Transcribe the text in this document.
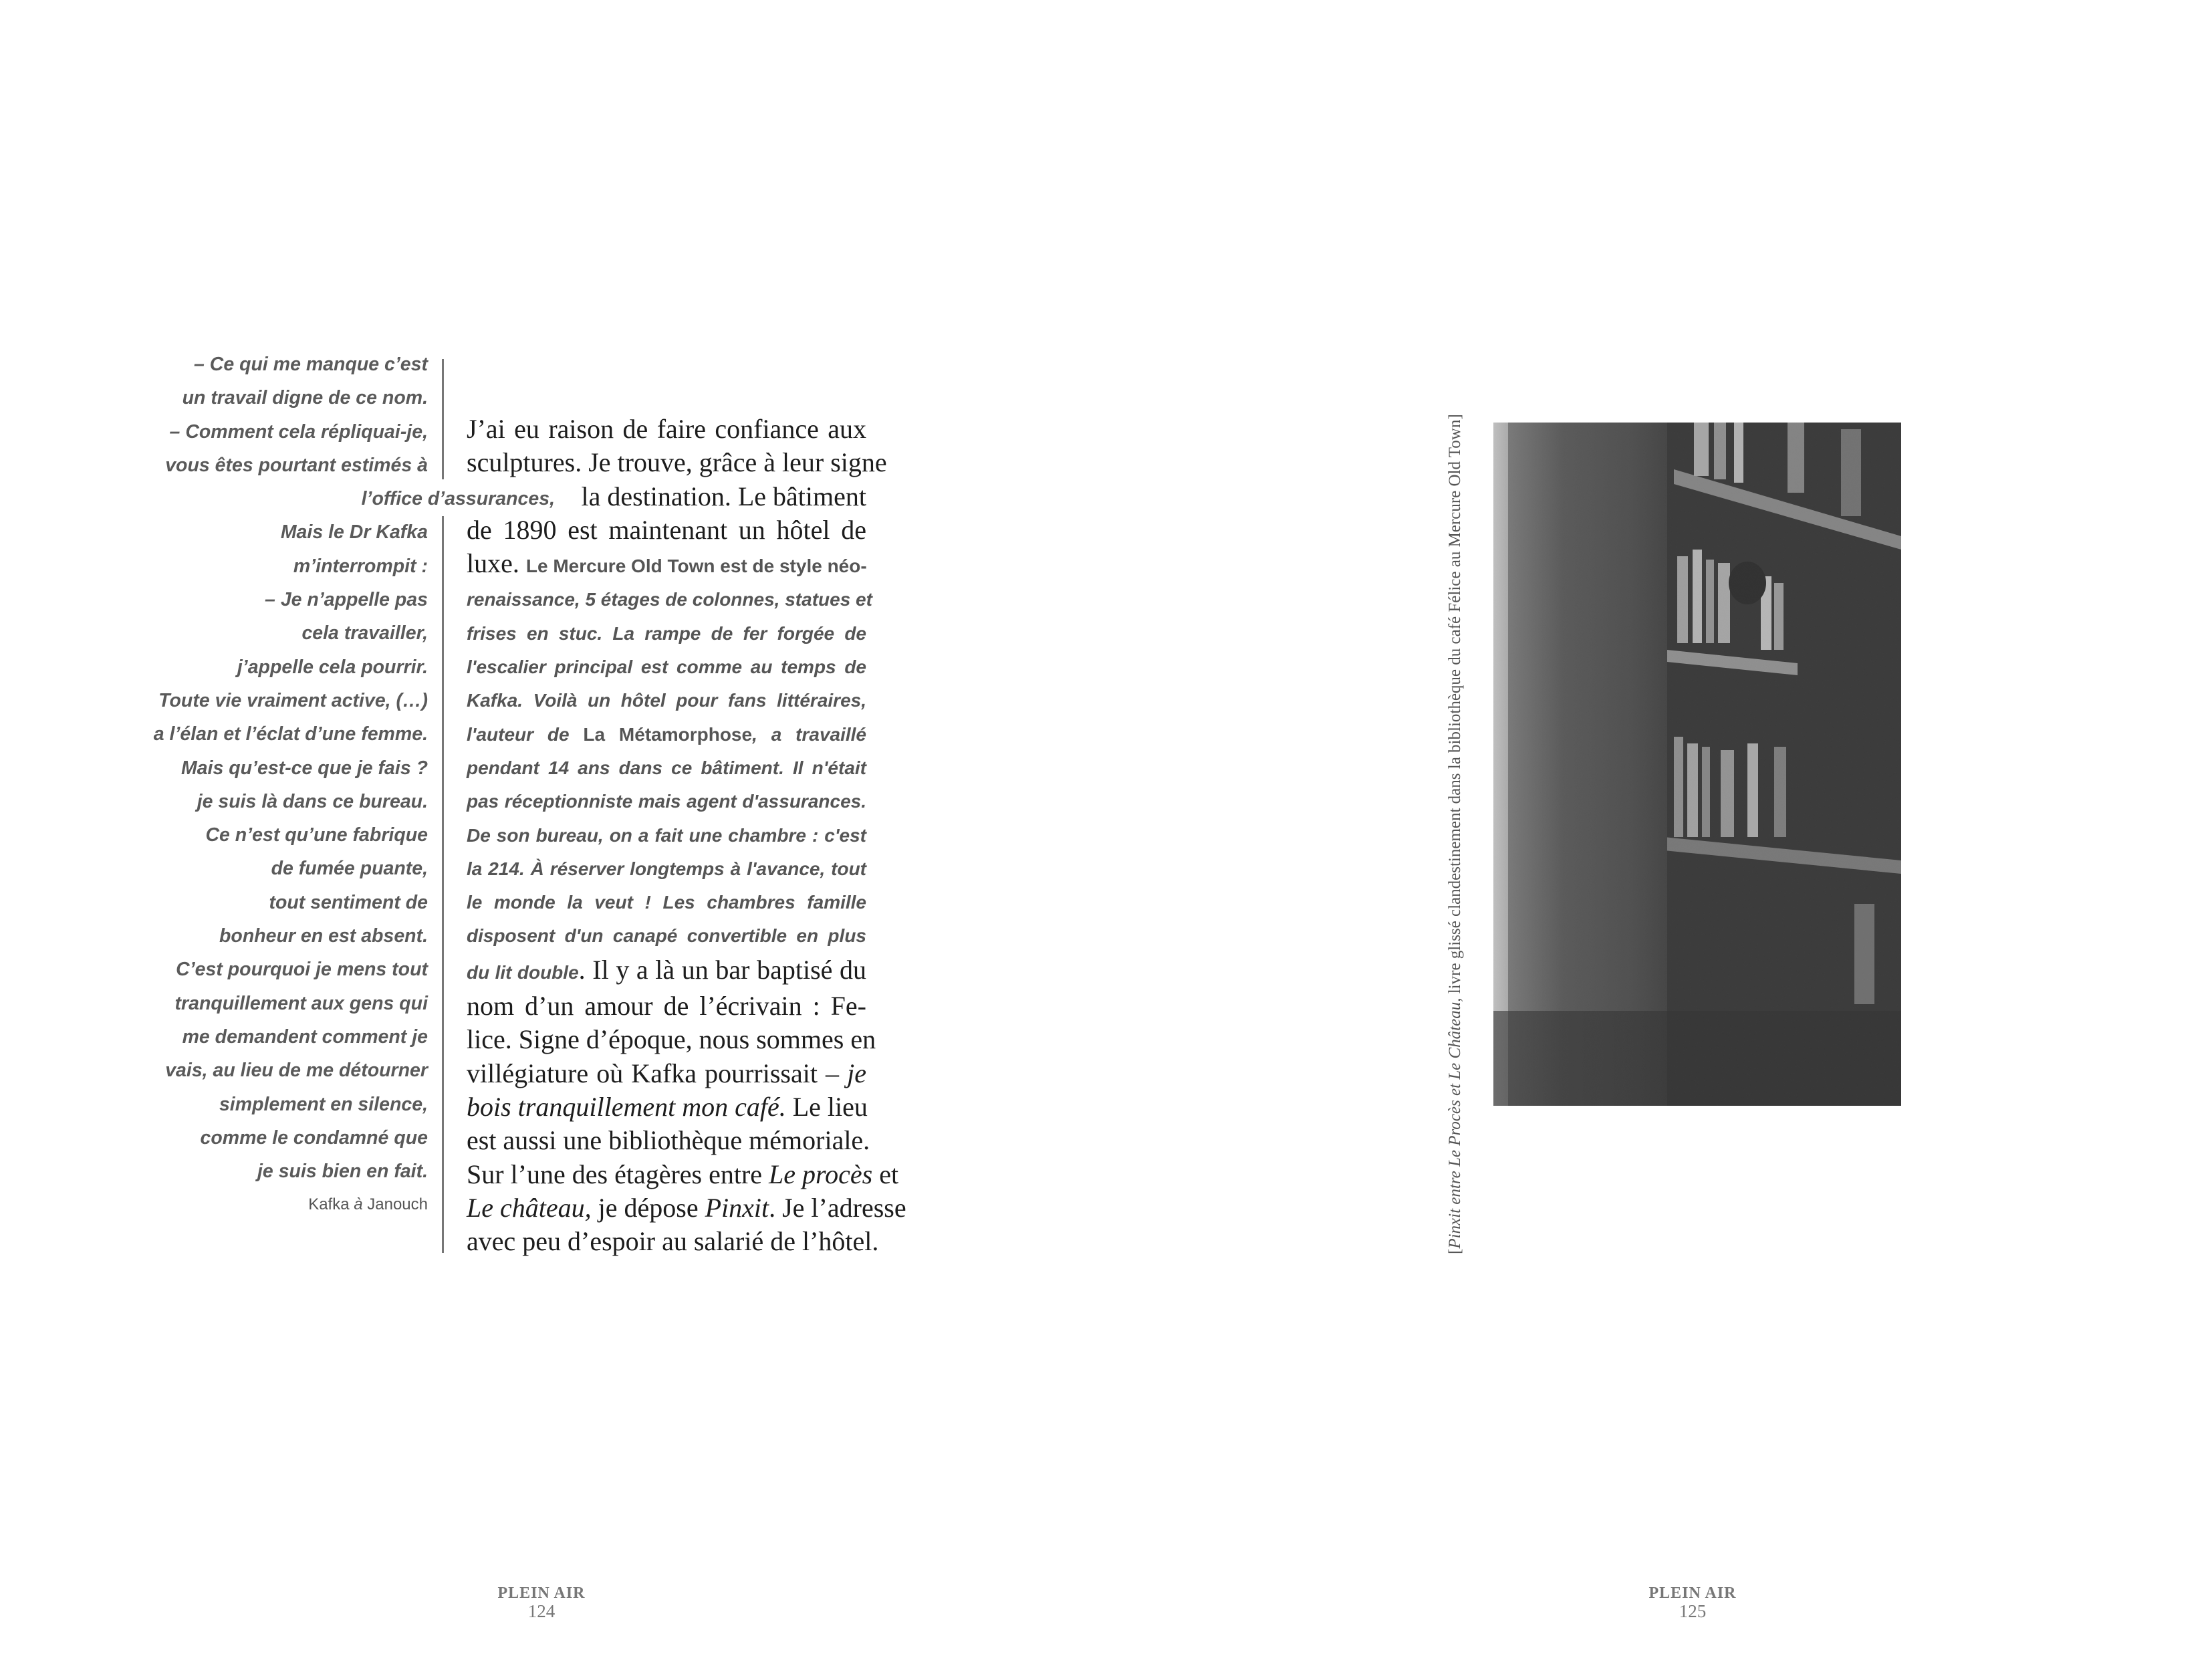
– Ce qui me manque c’est
un travail digne de ce nom.
– Comment cela répliquai-je,
vous êtes pourtant estimés à
l’office d’assurances,
Mais le Dr Kafka
m’interrompit :
– Je n’appelle pas
cela travailler,
j’appelle cela pourrir.
Toute vie vraiment active, (…)
a l’élan et l’éclat d’une femme.
Mais qu’est-ce que je fais ?
je suis là dans ce bureau.
Ce n’est qu’une fabrique
de fumée puante,
tout sentiment de
bonheur en est absent.
C’est pourquoi je mens tout
tranquillement aux gens qui
me demandent comment je
vais, au lieu de me détourner
simplement en silence,
comme le condamné que
je suis bien en fait.
Kafka à Janouch
J’ai eu raison de faire confiance aux
sculptures. Je trouve, grâce à leur signe
la destination. Le bâtiment
de 1890 est maintenant un hôtel de
luxe. Le Mercure Old Town est de style néo-
renaissance, 5 étages de colonnes, statues et
frises en stuc. La rampe de fer forgée de
l'escalier principal est comme au temps de
Kafka. Voilà un hôtel pour fans littéraires,
l'auteur de La Métamorphose, a travaillé
pendant 14 ans dans ce bâtiment. Il n'était
pas réceptionniste mais agent d'assurances.
De son bureau, on a fait une chambre : c'est
la 214. À réserver longtemps à l'avance, tout
le monde la veut ! Les chambres famille
disposent d'un canapé convertible en plus
du lit double. Il y a là un bar baptisé du
nom d’un amour de l’écrivain : Fe-
lice. Signe d’époque, nous sommes en
villégiature où Kafka pourrissait – je
bois tranquillement mon café. Le lieu
est aussi une bibliothèque mémoriale.
Sur l’une des étagères entre Le procès et
Le château, je dépose Pinxit. Je l’adresse
avec peu d’espoir au salarié de l’hôtel.
PLEIN AIR
124
[Pinxit entre Le Procès et Le Château, livre glissé clandestinement dans la bibliothèque du café Félice au Mercure Old Town]
PLEIN AIR
125
